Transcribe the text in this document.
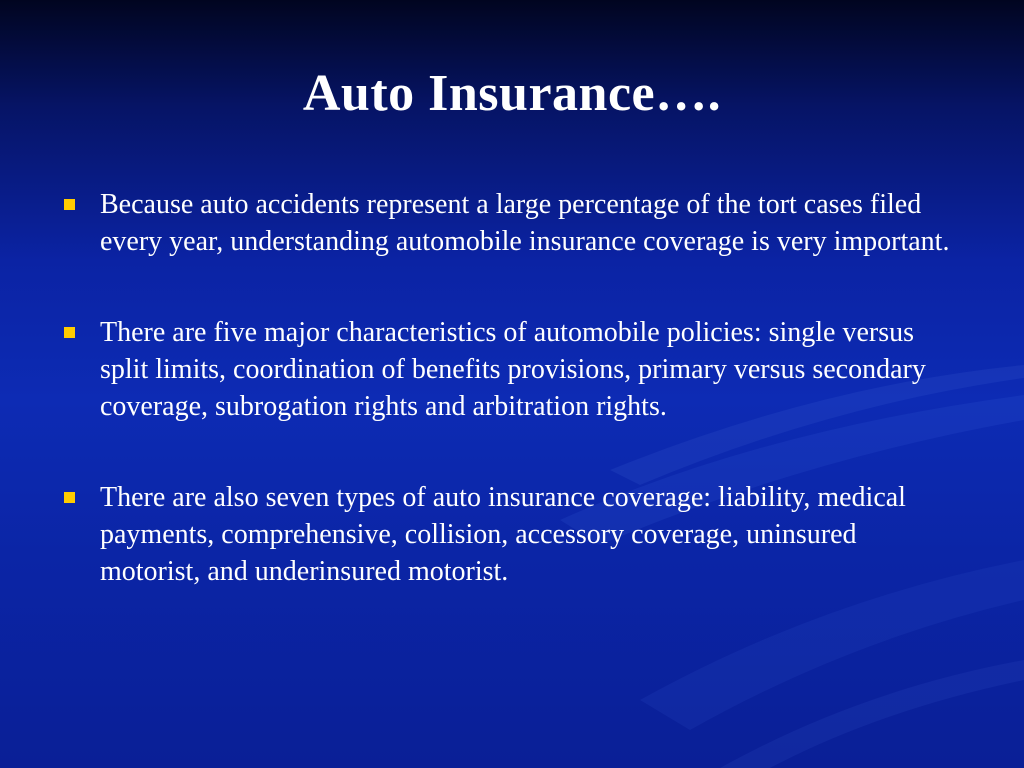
Auto Insurance….
Because auto accidents represent a large percentage of the tort cases filed every year, understanding automobile insurance coverage is very important.
There are five major characteristics of automobile policies: single versus split limits, coordination of benefits provisions, primary versus secondary coverage, subrogation rights and arbitration rights.
There are also seven types of auto insurance coverage: liability, medical payments, comprehensive, collision, accessory coverage, uninsured motorist, and underinsured motorist.
